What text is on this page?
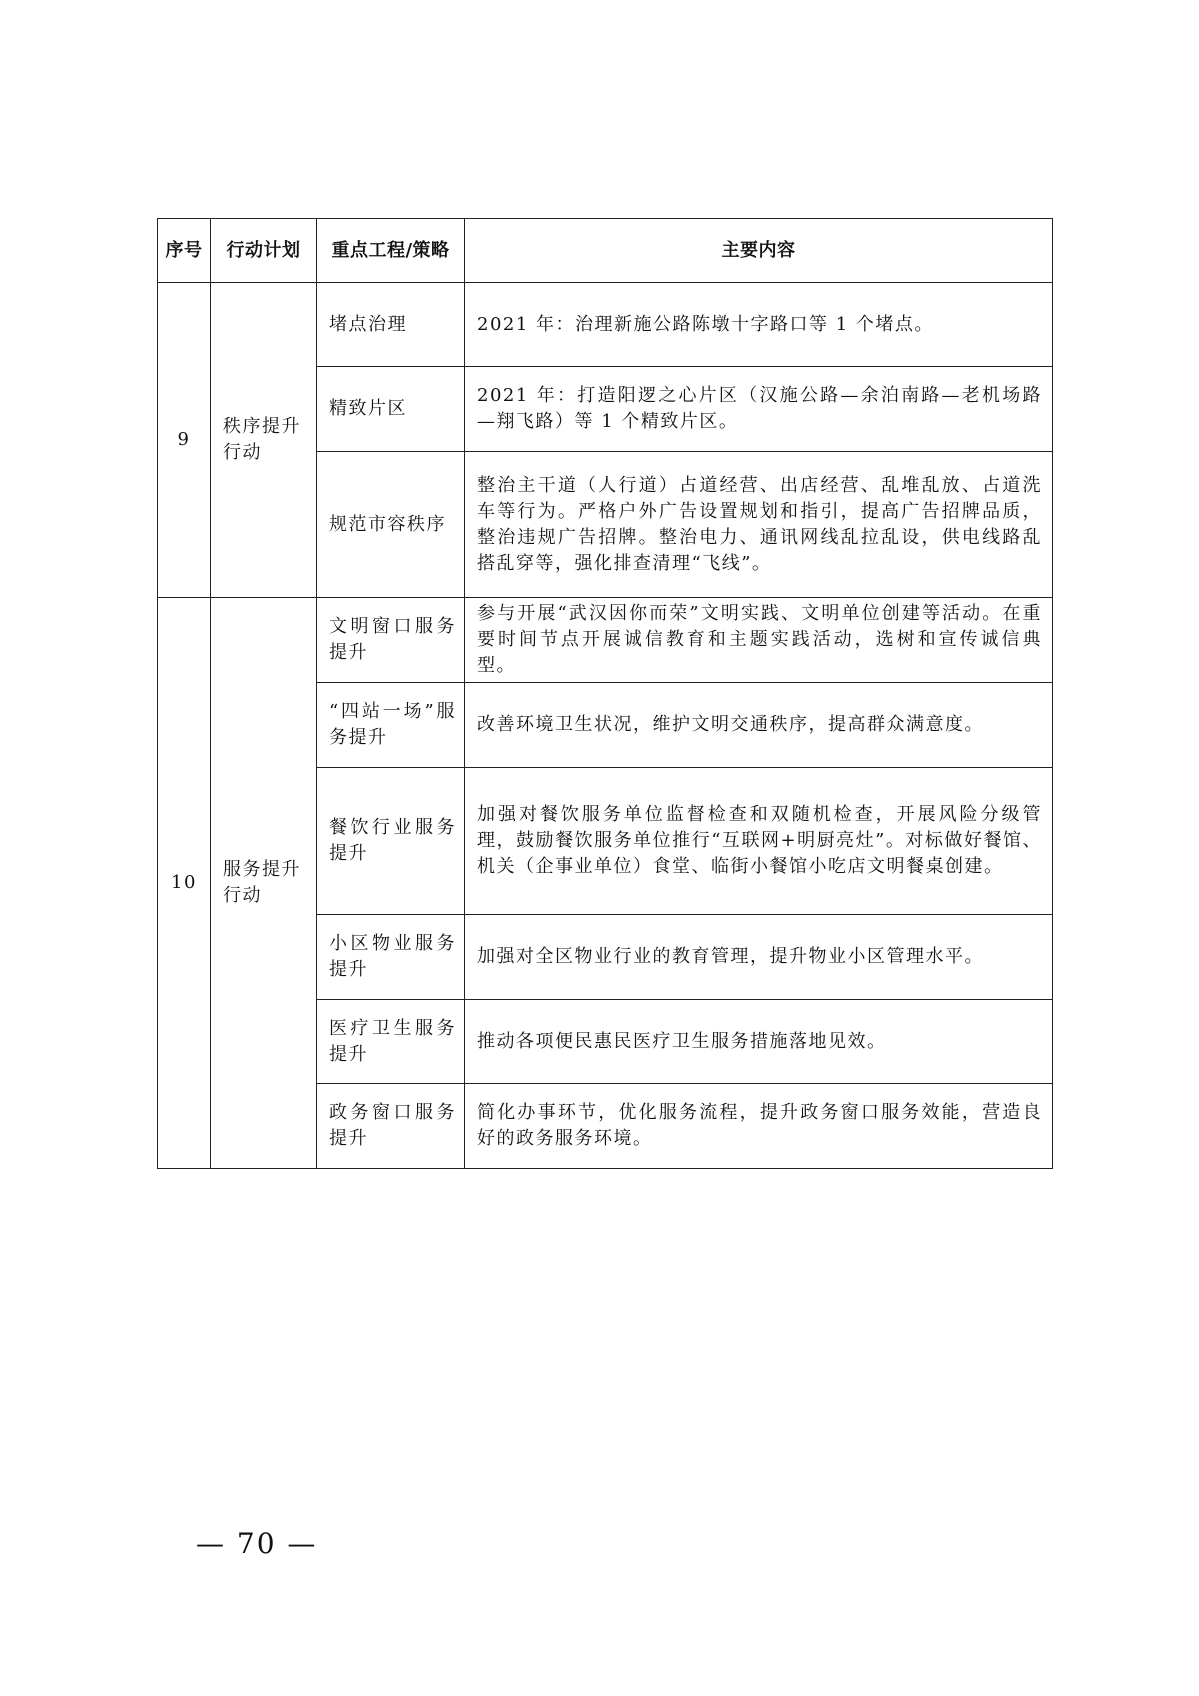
序号	行动计划	重点工程/策略	主要内容
9	秩序提升行动	堵点治理	2021 年：治理新施公路陈墩十字路口等 1 个堵点。
		精致片区	2021 年：打造阳逻之心片区（汉施公路—余泊南路—老机场路—翔飞路）等 1 个精致片区。
		规范市容秩序	整治主干道（人行道）占道经营、出店经营、乱堆乱放、占道洗车等行为。严格户外广告设置规划和指引，提高广告招牌品质，整治违规广告招牌。整治电力、通讯网线乱拉乱设，供电线路乱搭乱穿等，强化排查清理“飞线”。
10	服务提升行动	文明窗口服务提升	参与开展“武汉因你而荣”文明实践、文明单位创建等活动。在重要时间节点开展诚信教育和主题实践活动，选树和宣传诚信典型。
		“四站一场”服务提升	改善环境卫生状况，维护文明交通秩序，提高群众满意度。
		餐饮行业服务提升	加强对餐饮服务单位监督检查和双随机检查，开展风险分级管理，鼓励餐饮服务单位推行“互联网+明厨亮灶”。对标做好餐馆、机关（企事业单位）食堂、临街小餐馆小吃店文明餐桌创建。
		小区物业服务提升	加强对全区物业行业的教育管理，提升物业小区管理水平。
		医疗卫生服务提升	推动各项便民惠民医疗卫生服务措施落地见效。
		政务窗口服务提升	简化办事环节，优化服务流程，提升政务窗口服务效能，营造良好的政务服务环境。
— 70 —
